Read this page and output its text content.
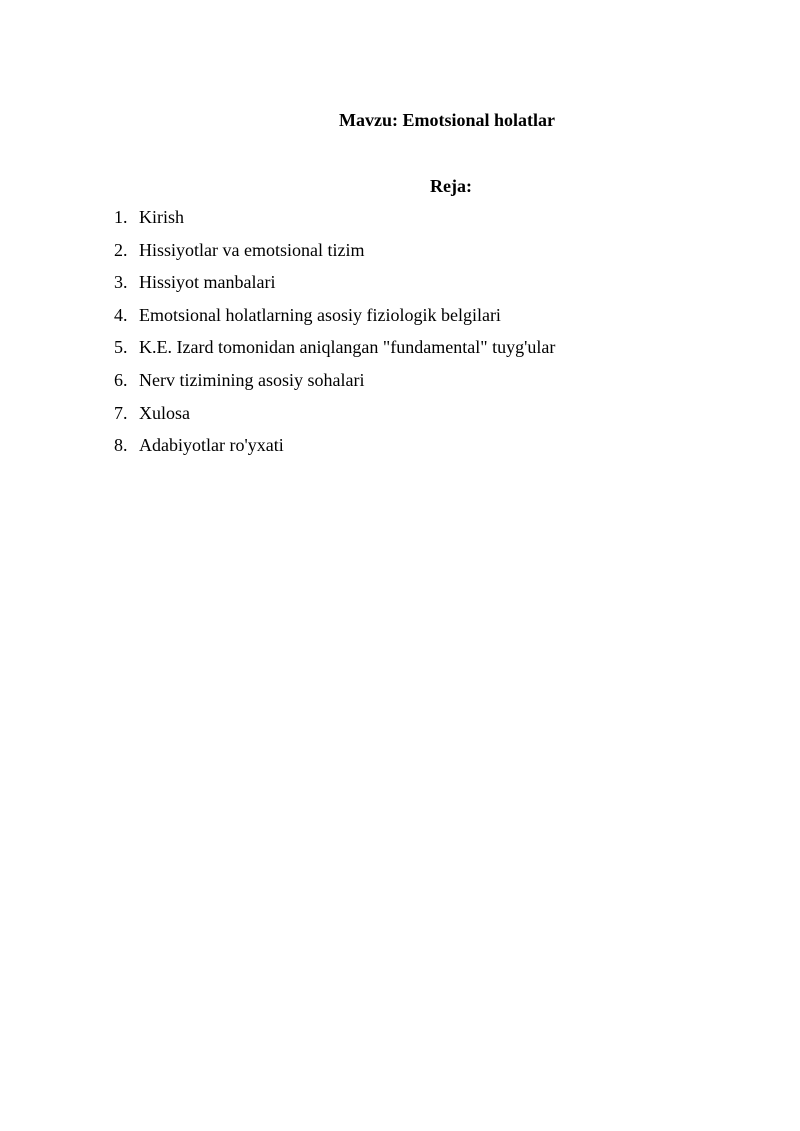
Mavzu: Emotsional holatlar
Reja:
1. Kirish
2. Hissiyotlar va emotsional tizim
3. Hissiyot manbalari
4. Emotsional holatlarning asosiy fiziologik belgilari
5. K.E. Izard tomonidan aniqlangan "fundamental" tuyg'ular
6. Nerv tizimining asosiy sohalari
7. Xulosa
8. Adabiyotlar ro'yxati
